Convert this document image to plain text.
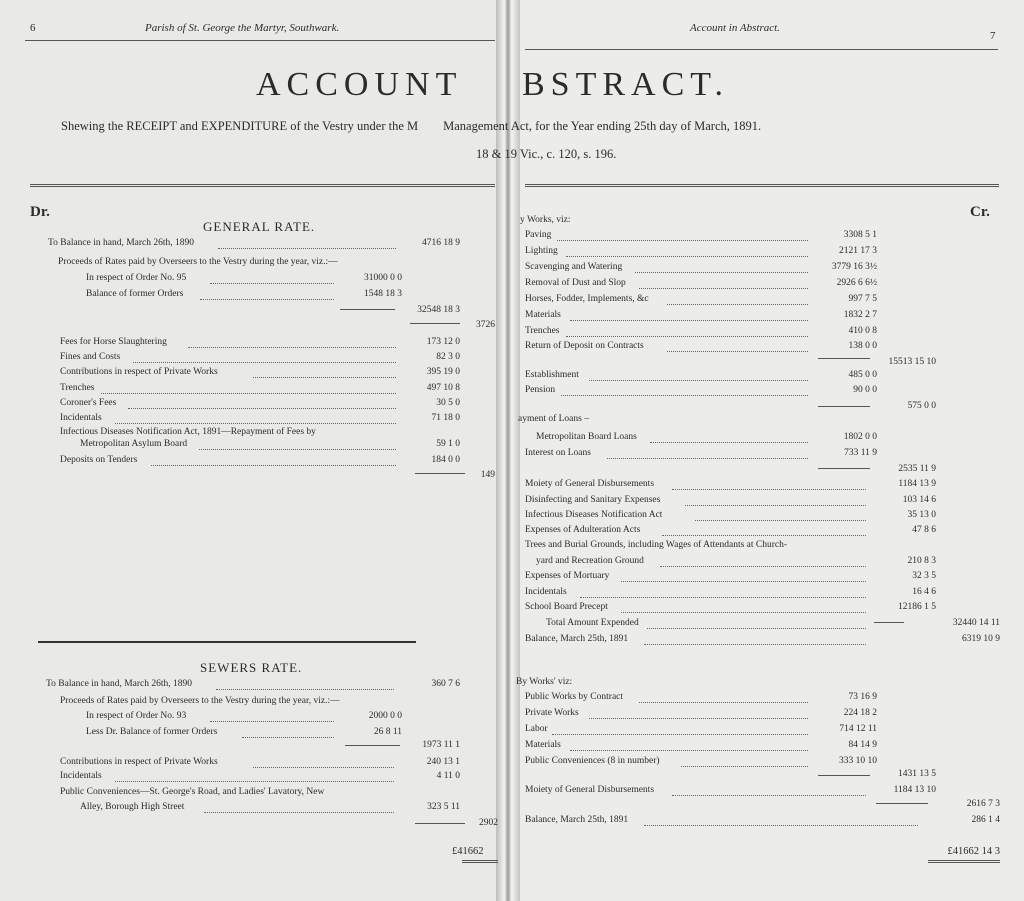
6	Parish of St. George the Martyr, Southwark.	Account in Abstract.
7
ACCOUNT BSTRACT.
Shewing the RECEIPT and EXPENDITURE of the Vestry under the M        Management Act, for the Year ending 25th day of March, 1891.
18 & 19 Vic., c. 120, s. 196.
Dr.	Cr.
GENERAL RATE.
To Balance in hand, March 26th, 1890	4716 18 9
Proceeds of Rates paid by Overseers to the Vestry during the year, viz.:—
In respect of Order No. 95	31000 0 0
Balance of former Orders	1548 18 3
32548 18 3
3726
Fees for Horse Slaughtering	173 12 0
Fines and Costs	82 3 0
Contributions in respect of Private Works	395 19 0
Trenches	497 10 8
Coroner's Fees	30 5 0
Incidentals	71 18 0
Infectious Diseases Notification Act, 1891—Repayment of Fees by
Metropolitan Asylum Board	59 1 0
Deposits on Tenders	184 0 0
149
SEWERS RATE.
To Balance in hand, March 26th, 1890	360 7 6
Proceeds of Rates paid by Overseers to the Vestry during the year, viz.:—
In respect of Order No. 93	2000 0 0
Less Dr. Balance of former Orders	26 8 11
1973 11 1
Contributions in respect of Private Works	240 13 1
Incidentals	4 11 0
Public Conveniences—St. George's Road, and Ladies' Lavatory, New
Alley, Borough High Street	323 5 11
2902
£41662
y Works, viz:
Paving	3308 5 1
Lighting	2121 17 3
Scavenging and Watering	3779 16 3½
Removal of Dust and Slop	2926 6 6½
Horses, Fodder, Implements, &c	997 7 5
Materials	1832 2 7
Trenches	410 0 8
Return of Deposit on Contracts	138 0 0
15513 15 10
Establishment	485 0 0
Pension	90 0 0
575 0 0
ayment of Loans –
Metropolitan Board Loans	1802 0 0
Interest on Loans	733 11 9
2535 11 9
Moiety of General Disbursements	1184 13 9
Disinfecting and Sanitary Expenses	103 14 6
Infectious Diseases Notification Act	35 13 0
Expenses of Adulteration Acts	47 8 6
Trees and Burial Grounds, including Wages of Attendants at Church-
yard and Recreation Ground	210 8 3
Expenses of Mortuary	32 3 5
Incidentals	16 4 6
School Board Precept	12186 1 5
Total Amount Expended	32440 14 11
Balance, March 25th, 1891	6319 10 9
By Works' viz:
Public Works by Contract	73 16 9
Private Works	224 18 2
Labor	714 12 11
Materials	84 14 9
Public Conveniences (8 in number)	333 10 10
1431 13 5
Moiety of General Disbursements	1184 13 10
2616 7 3
Balance, March 25th, 1891	286 1 4
£41662 14 3
